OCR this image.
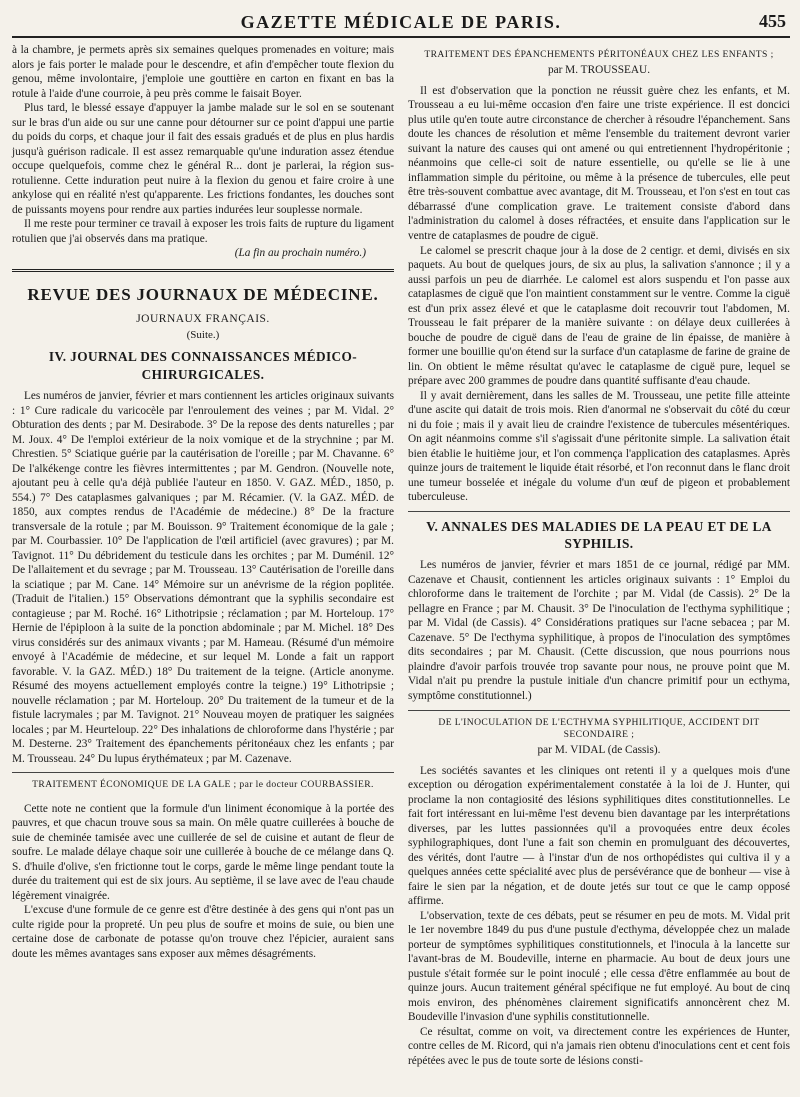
GAZETTE MÉDICALE DE PARIS.	455

à la chambre, je permets après six semaines quelques promenades en voiture; mais alors je fais porter le malade pour le descendre, et afin d'empêcher toute flexion du genou, même involontaire, j'emploie une gouttière en carton en fixant en bas la rotule à l'aide d'une courroie, à peu près comme le faisait Boyer.

Plus tard, le blessé essaye d'appuyer la jambe malade sur le sol en se soutenant sur le bras d'un aide ou sur une canne pour détourner sur ce point d'appui une partie du poids du corps, et chaque jour il fait des essais gradués et de plus en plus hardis jusqu'à guérison radicale. Il est assez remarquable qu'une induration assez étendue occupe quelquefois, comme chez le général R... dont je parlerai, la région sus-rotulienne. Cette induration peut nuire à la flexion du genou et faire croire à une ankylose qui en réalité n'est qu'apparente. Les frictions fondantes, les douches sont de puissants moyens pour rendre aux parties indurées leur souplesse normale.

Il me reste pour terminer ce travail à exposer les trois faits de rupture du ligament rotulien que j'ai observés dans ma pratique.

(La fin au prochain numéro.)

REVUE DES JOURNAUX DE MÉDECINE.
JOURNAUX FRANÇAIS.
(Suite.)
IV. JOURNAL DES CONNAISSANCES MÉDICO-CHIRURGICALES.

Les numéros de janvier, février et mars contiennent les articles originaux suivants : 1° Cure radicale du varicocèle par l'enroulement des veines ; par M. Vidal. 2° Obturation des dents ; par M. Desirabode. 3° De la repose des dents naturelles ; par M. Joux. 4° De l'emploi extérieur de la noix vomique et de la strychnine ; par M. Chrestien. 5° Sciatique guérie par la cautérisation de l'oreille ; par M. Chavanne. 6° De l'alkékenge contre les fièvres intermittentes ; par M. Gendron. (Nouvelle note, ajoutant peu à celle qu'a déjà publiée l'auteur en 1850. V. GAZ. MÉD., 1850, p. 554.) 7° Des cataplasmes galvaniques ; par M. Récamier. (V. la GAZ. MÉD. de 1850, aux comptes rendus de l'Académie de médecine.) 8° De la fracture transversale de la rotule ; par M. Bouisson. 9° Traitement économique de la gale ; par M. Courbassier. 10° De l'application de l'œil artificiel (avec gravures) ; par M. Tavignot. 11° Du débridement du testicule dans les orchites ; par M. Duménil. 12° De l'allaitement et du sevrage ; par M. Trousseau. 13° Cautérisation de l'oreille dans la sciatique ; par M. Cane. 14° Mémoire sur un anévrisme de la région poplitée. (Traduit de l'italien.) 15° Observations démontrant que la syphilis secondaire est contagieuse ; par M. Roché. 16° Lithotripsie ; réclamation ; par M. Horteloup. 17° Hernie de l'épiploon à la suite de la ponction abdominale ; par M. Michel. 18° Des virus considérés sur des animaux vivants ; par M. Hameau. (Résumé d'un mémoire envoyé à l'Académie de médecine, et sur lequel M. Londe a fait un rapport favorable. V. la GAZ. MÉD.) 18° Du traitement de la teigne. (Article anonyme. Résumé des moyens actuellement employés contre la teigne.) 19° Lithotripsie ; nouvelle réclamation ; par M. Horteloup. 20° Du traitement de la tumeur et de la fistule lacrymales ; par M. Tavignot. 21° Nouveau moyen de pratiquer les saignées locales ; par M. Heurteloup. 22° Des inhalations de chloroforme dans l'hystérie ; par M. Desterne. 23° Traitement des épanchements péritonéaux chez les enfants ; par M. Trousseau. 24° Du lupus érythémateux ; par M. Cazenave.

TRAITEMENT ÉCONOMIQUE DE LA GALE ; par le docteur COURBASSIER.

Cette note ne contient que la formule d'un liniment économique à la portée des pauvres, et que chacun trouve sous sa main. On mêle quatre cuillerées à bouche de suie de cheminée tamisée avec une cuillerée de sel de cuisine et autant de fleur de soufre. Le malade délaye chaque soir une cuillerée à bouche de ce mélange dans Q. S. d'huile d'olive, s'en frictionne tout le corps, garde le même linge pendant toute la durée du traitement qui est de six jours. Au septième, il se lave avec de l'eau chaude légèrement vinaigrée.

L'excuse d'une formule de ce genre est d'être destinée à des gens qui n'ont pas un culte rigide pour la propreté. Un peu plus de soufre et moins de suie, ou bien une certaine dose de carbonate de potasse qu'on trouve chez l'épicier, auraient sans doute les mêmes avantages sans exposer aux mêmes désagréments.

TRAITEMENT DES ÉPANCHEMENTS PÉRITONÉAUX CHEZ LES ENFANTS ;
par M. TROUSSEAU.

Il est d'observation que la ponction ne réussit guère chez les enfants, et M. Trousseau a eu lui-même occasion d'en faire une triste expérience. Il est doncici plus utile qu'en toute autre circonstance de chercher à résoudre l'épanchement. Sans doute les chances de résolution et même l'ensemble du traitement devront varier suivant la nature des causes qui ont amené ou qui entretiennent l'hydropéritonie ; néanmoins que celle-ci soit de nature essentielle, ou qu'elle se lie à une inflammation simple du péritoine, ou même à la présence de tubercules, elle peut être très-souvent combattue avec avantage, dit M. Trousseau, et l'on s'est en tout cas débarrassé d'une complication grave. Le traitement consiste d'abord dans l'administration du calomel à doses réfractées, et ensuite dans l'application sur le ventre de cataplasmes de poudre de ciguë.

Le calomel se prescrit chaque jour à la dose de 2 centigr. et demi, divisés en six paquets. Au bout de quelques jours, de six au plus, la salivation s'annonce ; il y a aussi parfois un peu de diarrhée. Le calomel est alors suspendu et l'on passe aux cataplasmes de ciguë que l'on maintient constamment sur le ventre. Comme la ciguë est d'un prix assez élevé et que le cataplasme doit recouvrir tout l'abdomen, M. Trousseau le fait préparer de la manière suivante : on délaye deux cuillerées à bouche de poudre de ciguë dans de l'eau de graine de lin épaisse, de manière à former une bouillie qu'on étend sur la surface d'un cataplasme de farine de graine de lin. On obtient le même résultat qu'avec le cataplasme de ciguë pure, lequel se prépare avec 200 grammes de poudre dans quantité suffisante d'eau chaude.

Il y avait dernièrement, dans les salles de M. Trousseau, une petite fille atteinte d'une ascite qui datait de trois mois. Rien d'anormal ne s'observait du côté du cœur ni du foie ; mais il y avait lieu de craindre l'existence de tubercules mésentériques. On agit néanmoins comme s'il s'agissait d'une péritonite simple. La salivation était bien établie le huitième jour, et l'on commença l'application des cataplasmes. Après quinze jours de traitement le liquide était résorbé, et l'on reconnut dans le flanc droit une tumeur bosselée et inégale du volume d'un œuf de pigeon et probablement tuberculeuse.

V. ANNALES DES MALADIES DE LA PEAU ET DE LA SYPHILIS.

Les numéros de janvier, février et mars 1851 de ce journal, rédigé par MM. Cazenave et Chausit, contiennent les articles originaux suivants : 1° Emploi du chloroforme dans le traitement de l'orchite ; par M. Vidal (de Cassis). 2° De la pellagre en France ; par M. Chausit. 3° De l'inoculation de l'ecthyma syphilitique ; par M. Vidal (de Cassis). 4° Considérations pratiques sur l'acne sebacea ; par M. Cazenave. 5° De l'ecthyma syphilitique, à propos de l'inoculation des symptômes dits secondaires ; par M. Chausit. (Cette discussion, que nous pourrions nous plaindre d'avoir parfois trouvée trop savante pour nous, ne prouve point que M. Vidal n'ait pu prendre la pustule initiale d'un chancre primitif pour un ecthyma, symptôme constitutionnel.)

DE L'INOCULATION DE L'ECTHYMA SYPHILITIQUE, ACCIDENT DIT SECONDAIRE ;
par M. VIDAL (de Cassis).

Les sociétés savantes et les cliniques ont retenti il y a quelques mois d'une exception ou dérogation expérimentalement constatée à la loi de J. Hunter, qui proclame la non contagiosité des lésions syphilitiques dites constitutionnelles. Le fait fort intéressant en lui-même l'est devenu bien davantage par les interprétations diverses, par les luttes passionnées qu'il a provoquées entre deux écoles syphilographiques, dont l'une a fait son chemin en promulguant des découvertes, des vérités, dont l'autre — à l'instar d'un de nos orthopédistes qui cultiva il y a quelques années cette spécialité avec plus de persévérance que de bonheur — vise à faire le sien par la négation, et de doute jetés sur tout ce que le camp opposé affirme.

L'observation, texte de ces débats, peut se résumer en peu de mots. M. Vidal prit le 1er novembre 1849 du pus d'une pustule d'ecthyma, développée chez un malade porteur de symptômes syphilitiques constitutionnels, et l'inocula à la lancette sur l'avant-bras de M. Boudeville, interne en pharmacie. Au bout de deux jours une pustule s'était formée sur le point inoculé ; elle cessa d'être enflammée au bout de quinze jours. Aucun traitement général spécifique ne fut employé. Au bout de cinq mois environ, des phénomènes clairement significatifs annoncèrent chez M. Boudeville l'invasion d'une syphilis constitutionnelle.

Ce résultat, comme on voit, va directement contre les expériences de Hunter, contre celles de M. Ricord, qui n'a jamais rien obtenu d'inoculations cent et cent fois répétées avec le pus de toute sorte de lésions consti-
